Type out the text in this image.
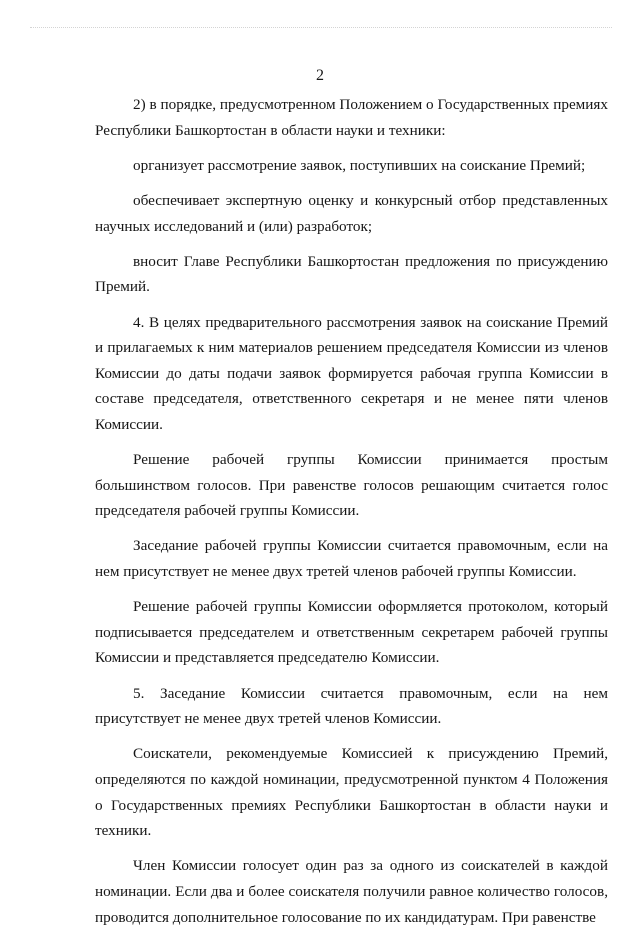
2

2) в порядке, предусмотренном Положением о Государственных премиях Республики Башкортостан в области науки и техники:

организует рассмотрение заявок, поступивших на соискание Премий;

обеспечивает экспертную оценку и конкурсный отбор представленных научных исследований и (или) разработок;

вносит Главе Республики Башкортостан предложения по присуждению Премий.

4. В целях предварительного рассмотрения заявок на соискание Премий и прилагаемых к ним материалов решением председателя Комиссии из членов Комиссии до даты подачи заявок формируется рабочая группа Комиссии в составе председателя, ответственного секретаря и не менее пяти членов Комиссии.

Решение рабочей группы Комиссии принимается простым большинством голосов. При равенстве голосов решающим считается голос председателя рабочей группы Комиссии.

Заседание рабочей группы Комиссии считается правомочным, если на нем присутствует не менее двух третей членов рабочей группы Комиссии.

Решение рабочей группы Комиссии оформляется протоколом, который подписывается председателем и ответственным секретарем рабочей группы Комиссии и представляется председателю Комиссии.

5. Заседание Комиссии считается правомочным, если на нем присутствует не менее двух третей членов Комиссии.

Соискатели, рекомендуемые Комиссией к присуждению Премий, определяются по каждой номинации, предусмотренной пунктом 4 Положения о Государственных премиях Республики Башкортостан в области науки и техники.

Член Комиссии голосует один раз за одного из соискателей в каждой номинации. Если два и более соискателя получили равное количество голосов, проводится дополнительное голосование по их кандидатурам. При равенстве
